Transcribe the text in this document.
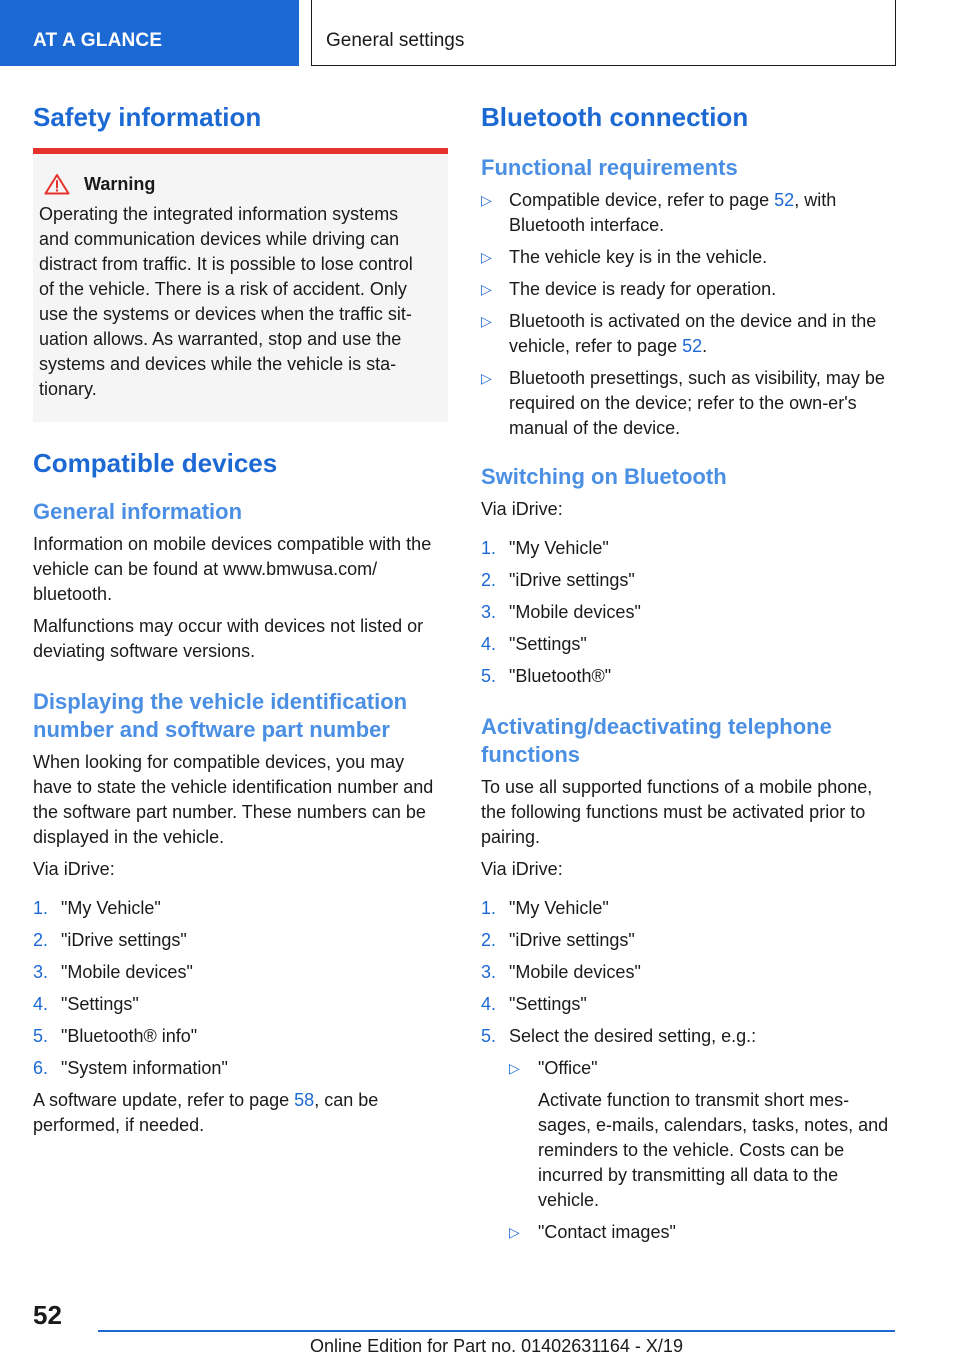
AT A GLANCE	General settings
Safety information
Warning
Operating the integrated information systems
and communication devices while driving can
distract from traffic. It is possible to lose control
of the vehicle. There is a risk of accident. Only
use the systems or devices when the traffic sit-
uation allows. As warranted, stop and use the
systems and devices while the vehicle is sta-
tionary.
Compatible devices
General information

Information on mobile devices compatible with the vehicle can be found at www.bmwusa.com/ bluetooth.

Malfunctions may occur with devices not listed or deviating software versions.

Displaying the vehicle identification
number and software part number

When looking for compatible devices, you may have to state the vehicle identification number and the software part number. These numbers can be displayed in the vehicle.

Via iDrive:

1. "My Vehicle"
2. "iDrive settings"
3. "Mobile devices"
4. "Settings"
5. "Bluetooth® info"
6. "System information"

A software update, refer to page 58, can be performed, if needed.

Bluetooth connection
Functional requirements
▷ Compatible device, refer to page 52, with Bluetooth interface.
▷ The vehicle key is in the vehicle.
▷ The device is ready for operation.
▷ Bluetooth is activated on the device and in the vehicle, refer to page 52.
▷ Bluetooth presettings, such as visibility, may be required on the device; refer to the own-er's manual of the device.
Switching on Bluetooth

Via iDrive:

1. "My Vehicle"
2. "iDrive settings"
3. "Mobile devices"
4. "Settings"
5. "Bluetooth®"
Activating/deactivating telephone
functions

To use all supported functions of a mobile phone, the following functions must be activated prior to pairing.

Via iDrive:

1. "My Vehicle"
2. "iDrive settings"
3. "Mobile devices"
4. "Settings"
5. Select the desired setting, e.g.:
▷ "Office"
Activate function to transmit short mes-sages, e-mails, calendars, tasks, notes, and reminders to the vehicle. Costs can be incurred by transmitting all data to the vehicle.
▷ "Contact images"
52
Online Edition for Part no. 01402631164 - X/19
